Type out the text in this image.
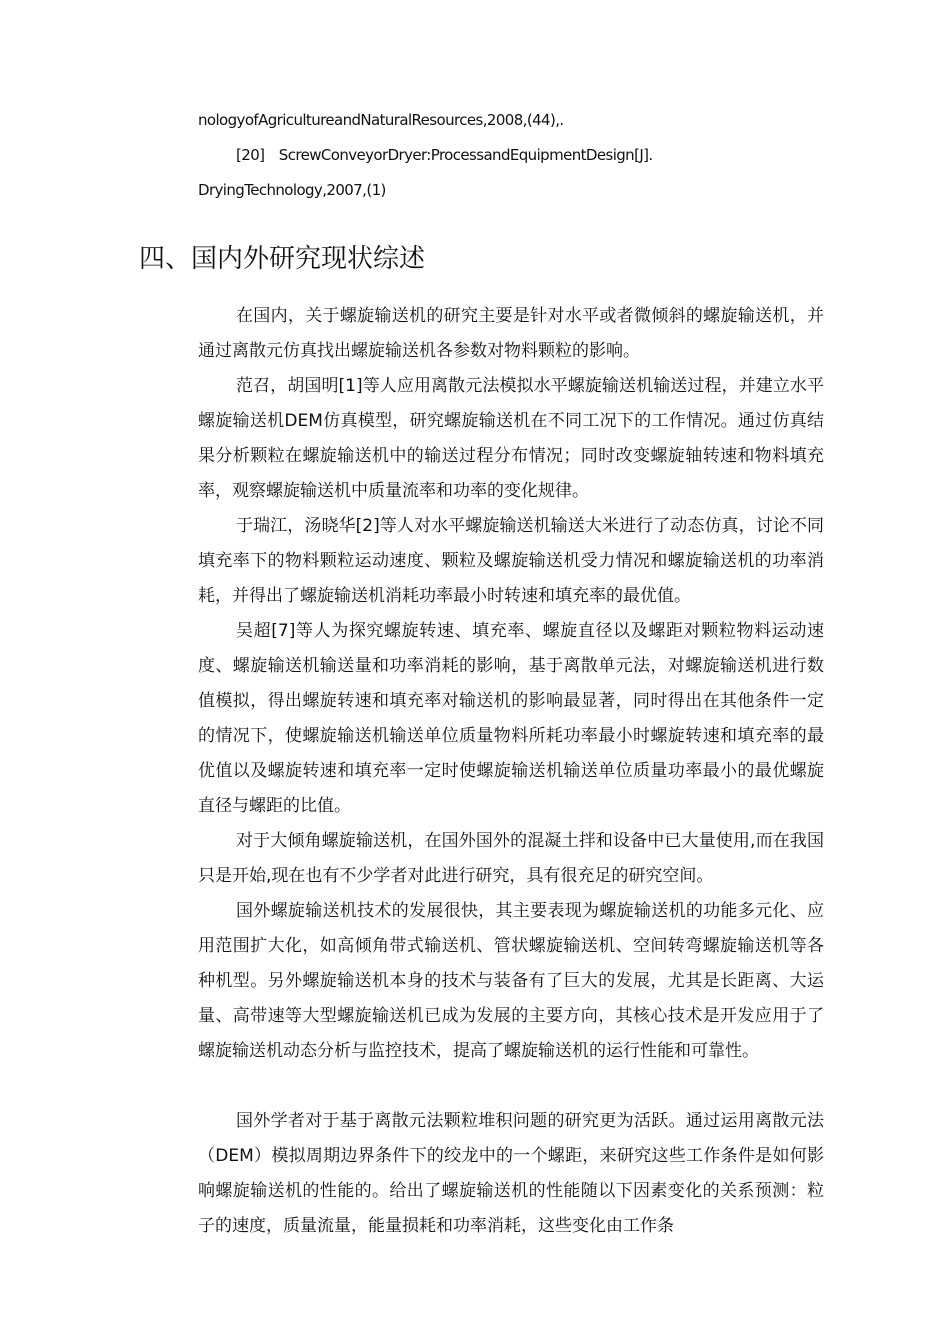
nologyofAgricultureandNaturalResources,2008,(44),.
[20] ScrewConveyorDryer:ProcessandEquipmentDesign[J].
DryingTechnology,2007,(1)
四、国内外研究现状综述

在国内，关于螺旋输送机的研究主要是针对水平或者微倾斜的螺旋输送机，并通过离散元仿真找出螺旋输送机各参数对物料颗粒的影响。

范召，胡国明[1]等人应用离散元法模拟水平螺旋输送机输送过程，并建立水平螺旋输送机DEM仿真模型，研究螺旋输送机在不同工况下的工作情况。通过仿真结果分析颗粒在螺旋输送机中的输送过程分布情况；同时改变螺旋轴转速和物料填充率，观察螺旋输送机中质量流率和功率的变化规律。

于瑞江，汤晓华[2]等人对水平螺旋输送机输送大米进行了动态仿真，讨论不同填充率下的物料颗粒运动速度、颗粒及螺旋输送机受力情况和螺旋输送机的功率消耗，并得出了螺旋输送机消耗功率最小时转速和填充率的最优值。

吴超[7]等人为探究螺旋转速、填充率、螺旋直径以及螺距对颗粒物料运动速度、螺旋输送机输送量和功率消耗的影响，基于离散单元法，对螺旋输送机进行数值模拟，得出螺旋转速和填充率对输送机的影响最显著，同时得出在其他条件一定的情况下，使螺旋输送机输送单位质量物料所耗功率最小时螺旋转速和填充率的最优值以及螺旋转速和填充率一定时使螺旋输送机输送单位质量功率最小的最优螺旋直径与螺距的比值。

对于大倾角螺旋输送机，在国外国外的混凝土拌和设备中已大量使用,而在我国只是开始,现在也有不少学者对此进行研究，具有很充足的研究空间。

国外螺旋输送机技术的发展很快，其主要表现为螺旋输送机的功能多元化、应用范围扩大化，如高倾角带式输送机、管状螺旋输送机、空间转弯螺旋输送机等各种机型。另外螺旋输送机本身的技术与装备有了巨大的发展，尤其是长距离、大运量、高带速等大型螺旋输送机已成为发展的主要方向，其核心技术是开发应用于了螺旋输送机动态分析与监控技术，提高了螺旋输送机的运行性能和可靠性。

国外学者对于基于离散元法颗粒堆积问题的研究更为活跃。通过运用离散元法（DEM）模拟周期边界条件下的绞龙中的一个螺距，来研究这些工作条件是如何影响螺旋输送机的性能的。给出了螺旋输送机的性能随以下因素变化的关系预测：粒子的速度，质量流量，能量损耗和功率消耗，这些变化由工作条
